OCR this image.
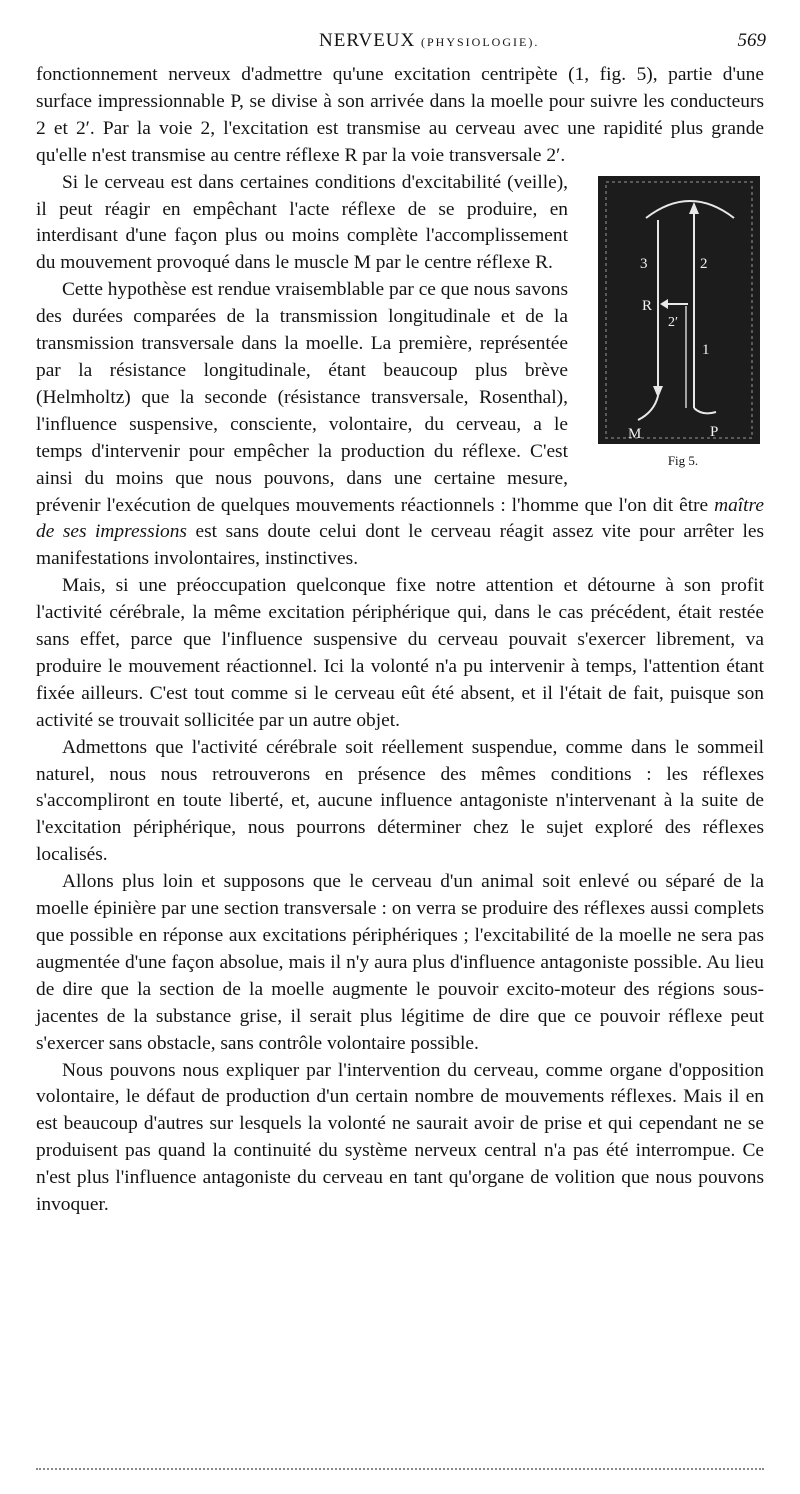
NERVEUX (PHYSIOLOGIE).	569

fonctionnement nerveux d'admettre qu'une excitation centripète (1, fig. 5), partie d'une surface impressionnable P, se divise à son arrivée dans la moelle pour suivre les conducteurs 2 et 2′. Par la voie 2, l'excitation est transmise au cerveau avec une rapidité plus grande qu'elle n'est transmise au centre réflexe R par la voie transversale 2′.

3	2
R
2′
1
M	P
Fig 5.
Si le cerveau est dans certaines conditions d'excitabilité (veille), il peut réagir en empêchant l'acte réflexe de se produire, en interdisant d'une façon plus ou moins complète l'accomplissement du mouvement provoqué dans le muscle M par le centre réflexe R.

Cette hypothèse est rendue vraisemblable par ce que nous savons des durées comparées de la transmission longitudinale et de la transmission transversale dans la moelle. La première, représentée par la résistance longitudinale, étant beaucoup plus brève (Helmholtz) que la seconde (résistance transversale, Rosenthal), l'influence suspensive, consciente, volontaire, du cerveau, a le temps d'intervenir pour empêcher la production du réflexe. C'est ainsi du moins que nous pouvons, dans une certaine mesure, prévenir l'exécution de quelques mouvements réactionnels : l'homme que l'on dit être maître de ses impressions est sans doute celui dont le cerveau réagit assez vite pour arrêter les manifestations involontaires, instinctives.

Mais, si une préoccupation quelconque fixe notre attention et détourne à son profit l'activité cérébrale, la même excitation périphérique qui, dans le cas précédent, était restée sans effet, parce que l'influence suspensive du cerveau pouvait s'exercer librement, va produire le mouvement réactionnel. Ici la volonté n'a pu intervenir à temps, l'attention étant fixée ailleurs. C'est tout comme si le cerveau eût été absent, et il l'était de fait, puisque son activité se trouvait sollicitée par un autre objet.

Admettons que l'activité cérébrale soit réellement suspendue, comme dans le sommeil naturel, nous nous retrouverons en présence des mêmes conditions : les réflexes s'accompliront en toute liberté, et, aucune influence antagoniste n'intervenant à la suite de l'excitation périphérique, nous pourrons déterminer chez le sujet exploré des réflexes localisés.

Allons plus loin et supposons que le cerveau d'un animal soit enlevé ou séparé de la moelle épinière par une section transversale : on verra se produire des réflexes aussi complets que possible en réponse aux excitations périphériques ; l'excitabilité de la moelle ne sera pas augmentée d'une façon absolue, mais il n'y aura plus d'influence antagoniste possible. Au lieu de dire que la section de la moelle augmente le pouvoir excito-moteur des régions sous-jacentes de la substance grise, il serait plus légitime de dire que ce pouvoir réflexe peut s'exercer sans obstacle, sans contrôle volontaire possible.

Nous pouvons nous expliquer par l'intervention du cerveau, comme organe d'opposition volontaire, le défaut de production d'un certain nombre de mouvements réflexes. Mais il en est beaucoup d'autres sur lesquels la volonté ne saurait avoir de prise et qui cependant ne se produisent pas quand la continuité du système nerveux central n'a pas été interrompue. Ce n'est plus l'influence antagoniste du cerveau en tant qu'organe de volition que nous pouvons invoquer.
